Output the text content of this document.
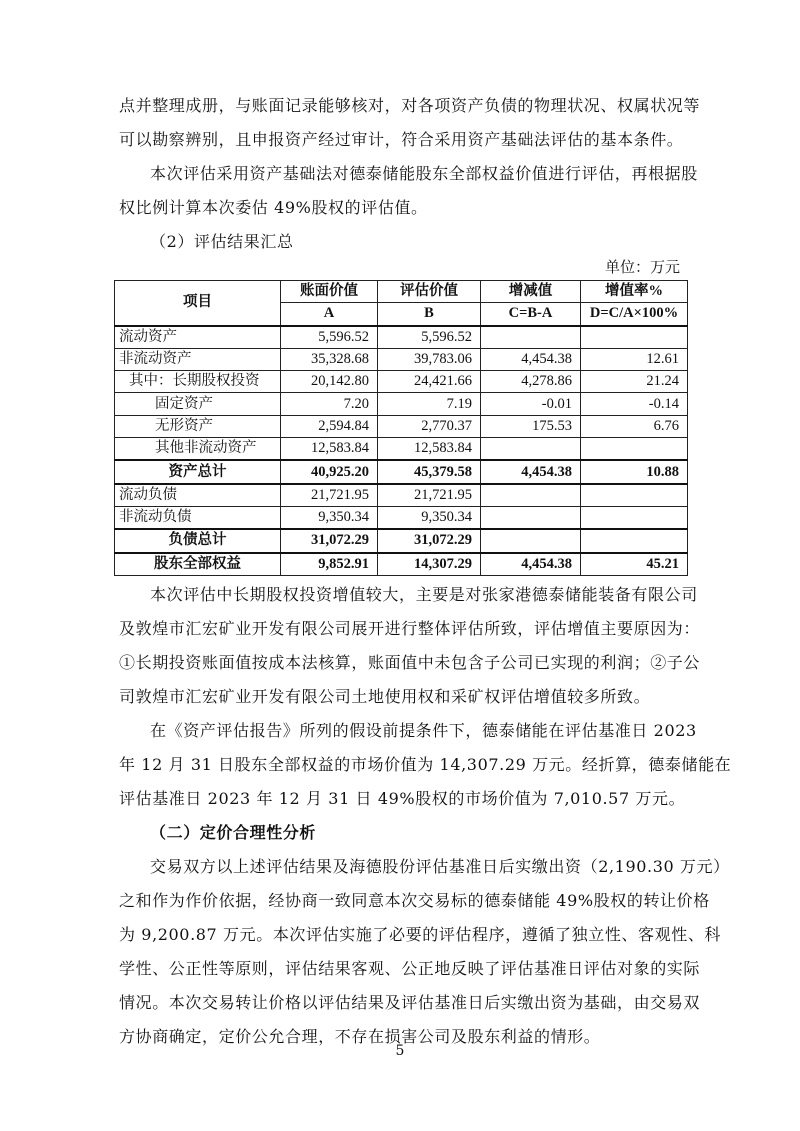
点并整理成册，与账面记录能够核对，对各项资产负债的物理状况、权属状况等
可以勘察辨别，且申报资产经过审计，符合采用资产基础法评估的基本条件。
本次评估采用资产基础法对德泰储能股东全部权益价值进行评估，再根据股
权比例计算本次委估 49%股权的评估值。
（2）评估结果汇总
单位：万元
项目	账面价值	评估价值	增减值	增值率%
	A	B	C=B-A	D=C/A×100%
流动资产	5,596.52	5,596.52		
非流动资产	35,328.68	39,783.06	4,454.38	12.61
其中：长期股权投资	20,142.80	24,421.66	4,278.86	21.24
固定资产	7.20	7.19	-0.01	-0.14
无形资产	2,594.84	2,770.37	175.53	6.76
其他非流动资产	12,583.84	12,583.84		
资产总计	40,925.20	45,379.58	4,454.38	10.88
流动负债	21,721.95	21,721.95		
非流动负债	9,350.34	9,350.34		
负债总计	31,072.29	31,072.29		
股东全部权益	9,852.91	14,307.29	4,454.38	45.21
本次评估中长期股权投资增值较大，主要是对张家港德泰储能装备有限公司
及敦煌市汇宏矿业开发有限公司展开进行整体评估所致，评估增值主要原因为：
①长期投资账面值按成本法核算，账面值中未包含子公司已实现的利润；②子公
司敦煌市汇宏矿业开发有限公司土地使用权和采矿权评估增值较多所致。
在《资产评估报告》所列的假设前提条件下，德泰储能在评估基准日 2023
年 12 月 31 日股东全部权益的市场价值为 14,307.29 万元。经折算，德泰储能在
评估基准日 2023 年 12 月 31 日 49%股权的市场价值为 7,010.57 万元。
（二）定价合理性分析
交易双方以上述评估结果及海德股份评估基准日后实缴出资（2,190.30 万元）
之和作为作价依据，经协商一致同意本次交易标的德泰储能 49%股权的转让价格
为 9,200.87 万元。本次评估实施了必要的评估程序，遵循了独立性、客观性、科
学性、公正性等原则，评估结果客观、公正地反映了评估基准日评估对象的实际
情况。本次交易转让价格以评估结果及评估基准日后实缴出资为基础，由交易双
方协商确定，定价公允合理，不存在损害公司及股东利益的情形。
5
